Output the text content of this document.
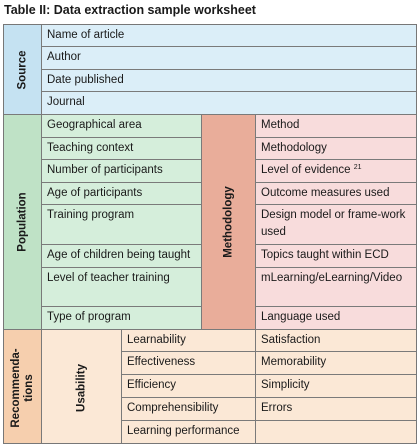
Table II: Data extraction sample worksheet
Source
Name of article
Author
Date published
Journal
Population
Geographical area
Teaching context
Number of participants
Age of participants
Training program
Age of children being taught
Level of teacher training
Type of program
Methodology
Method
Methodology
Level of evidence $^{21}$
Outcome measures used
Design model or frame-work used
Topics taught within ECD
mLearning/eLearning/Video
Language used
Recommenda-
tions	Usability
Learnability
Effectiveness
Efficiency
Comprehensibility
Learning performance
Satisfaction
Memorability
Simplicity
Errors
